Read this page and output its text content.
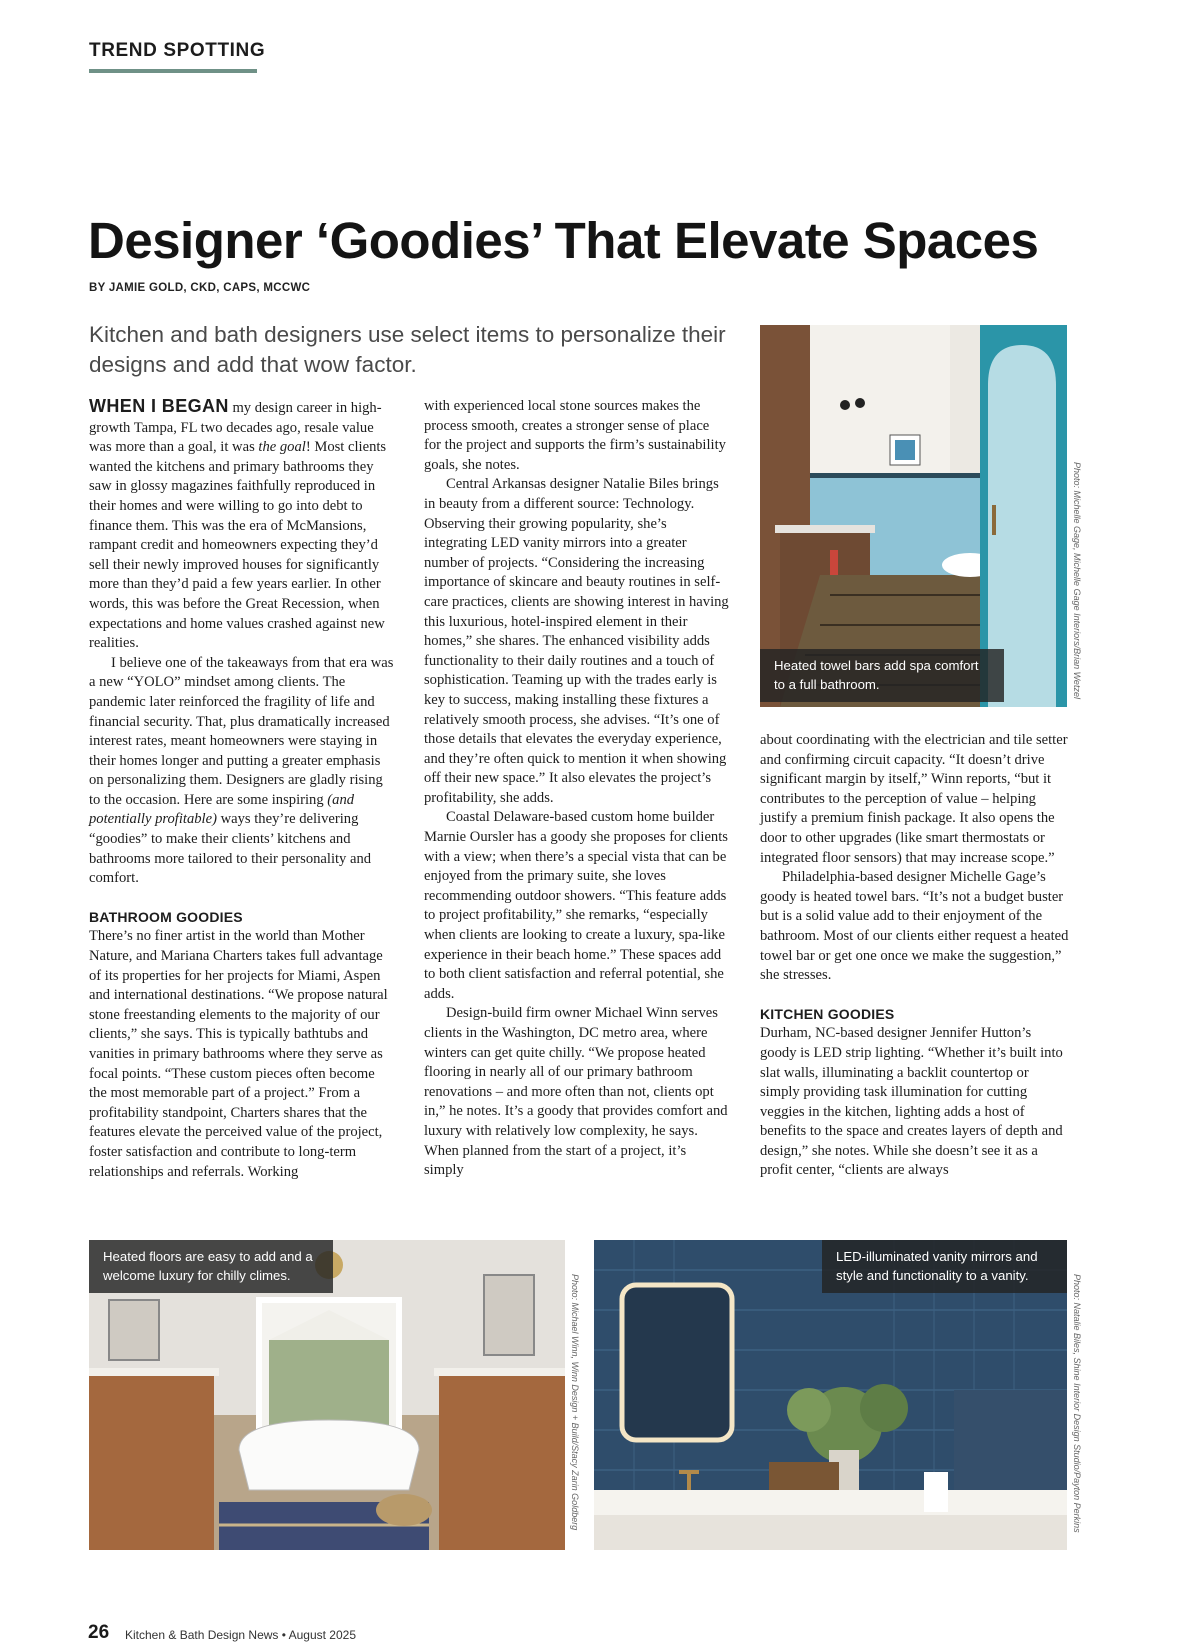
TREND SPOTTING
Designer ‘Goodies’ That Elevate Spaces
BY JAMIE GOLD, CKD, CAPS, MCCWC
Kitchen and bath designers use select items to personalize their designs and add that wow factor.

WHEN I BEGAN my design career in high-growth Tampa, FL two decades ago, resale value was more than a goal, it was the goal! Most clients wanted the kitchens and primary bathrooms they saw in glossy magazines faithfully reproduced in their homes and were willing to go into debt to finance them. This was the era of McMansions, rampant credit and homeowners expecting they’d sell their newly improved houses for significantly more than they’d paid a few years earlier. In other words, this was before the Great Recession, when expectations and home values crashed against new realities.

I believe one of the takeaways from that era was a new “YOLO” mindset among clients. The pandemic later reinforced the fragility of life and financial security. That, plus dramatically increased interest rates, meant homeowners were staying in their homes longer and putting a greater emphasis on personalizing them. Designers are gladly rising to the occasion. Here are some inspiring (and potentially profitable) ways they’re delivering “goodies” to make their clients’ kitchens and bathrooms more tailored to their personality and comfort.

BATHROOM GOODIES

There’s no finer artist in the world than Mother Nature, and Mariana Charters takes full advantage of its properties for her projects for Miami, Aspen and international destinations. “We propose natural stone freestanding elements to the majority of our clients,” she says. This is typically bathtubs and vanities in primary bathrooms where they serve as focal points. “These custom pieces often become the most memorable part of a project.” From a profitability standpoint, Charters shares that the features elevate the perceived value of the project, foster satisfaction and contribute to long-term relationships and referrals. Working

with experienced local stone sources makes the process smooth, creates a stronger sense of place for the project and supports the firm’s sustainability goals, she notes.

Central Arkansas designer Natalie Biles brings in beauty from a different source: Technology. Observing their growing popularity, she’s integrating LED vanity mirrors into a greater number of projects. “Considering the increasing importance of skincare and beauty routines in self-care practices, clients are showing interest in having this luxurious, hotel-inspired element in their homes,” she shares. The enhanced visibility adds functionality to their daily routines and a touch of sophistication. Teaming up with the trades early is key to success, making installing these fixtures a relatively smooth process, she advises. “It’s one of those details that elevates the everyday experience, and they’re often quick to mention it when showing off their new space.” It also elevates the project’s profitability, she adds.

Coastal Delaware-based custom home builder Marnie Oursler has a goody she proposes for clients with a view; when there’s a special vista that can be enjoyed from the primary suite, she loves recommending outdoor showers. “This feature adds to project profitability,” she remarks, “especially when clients are looking to create a luxury, spa-like experience in their beach home.” These spaces add to both client satisfaction and referral potential, she adds.

Design-build firm owner Michael Winn serves clients in the Washington, DC metro area, where winters can get quite chilly. “We propose heated flooring in nearly all of our primary bathroom renovations – and more often than not, clients opt in,” he notes. It’s a goody that provides comfort and luxury with relatively low complexity, he says. When planned from the start of a project, it’s simply

about coordinating with the electrician and tile setter and confirming circuit capacity. “It doesn’t drive significant margin by itself,” Winn reports, “but it contributes to the perception of value – helping justify a premium finish package. It also opens the door to other upgrades (like smart thermostats or integrated floor sensors) that may increase scope.”

Philadelphia-based designer Michelle Gage’s goody is heated towel bars. “It’s not a budget buster but is a solid value add to their enjoyment of the bathroom. Most of our clients either request a heated towel bar or get one once we make the suggestion,” she stresses.

KITCHEN GOODIES

Durham, NC-based designer Jennifer Hutton’s goody is LED strip lighting. “Whether it’s built into slat walls, illuminating a backlit countertop or simply providing task illumination for cutting veggies in the kitchen, lighting adds a host of benefits to the space and creates layers of depth and design,” she notes. While she doesn’t see it as a profit center, “clients are always

Heated towel bars add spa comfort to a full bathroom.	Photo: Michelle Gage, Michelle Gage Interiors/Brian Wetzel
Heated floors are easy to add and a welcome luxury for chilly climes.	Photo: Michael Winn, Winn Design + Build/Stacy Zarin Goldberg
LED-illuminated vanity mirrors and style and functionality to a vanity.	Photo: Natalie Biles, Shine Interior Design Studio/Payton Perkins
26 Kitchen & Bath Design News • August 2025
